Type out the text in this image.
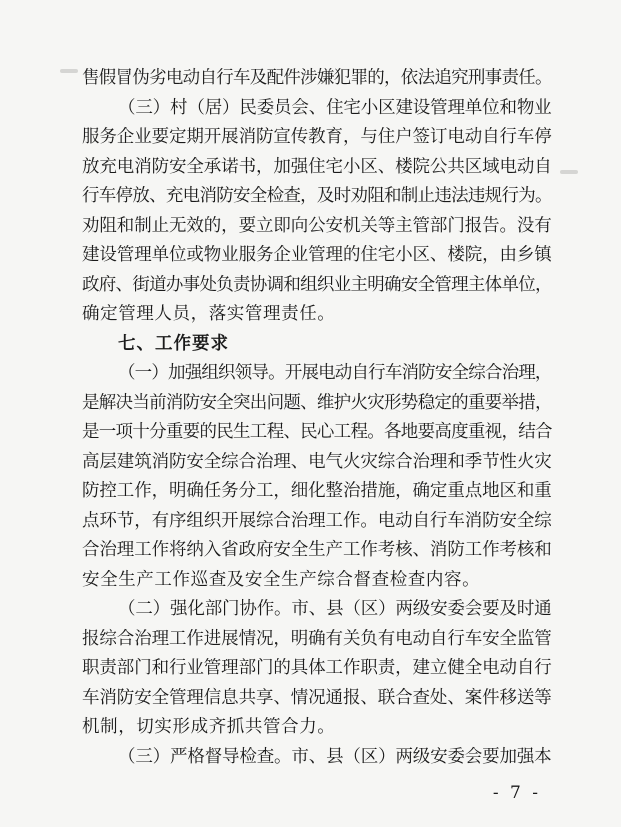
售假冒伪劣电动自行车及配件涉嫌犯罪的，依法追究刑事责任。
（三）村（居）民委员会、住宅小区建设管理单位和物业
服务企业要定期开展消防宣传教育，与住户签订电动自行车停
放充电消防安全承诺书，加强住宅小区、楼院公共区域电动自
行车停放、充电消防安全检查，及时劝阻和制止违法违规行为。
劝阻和制止无效的，要立即向公安机关等主管部门报告。没有
建设管理单位或物业服务企业管理的住宅小区、楼院，由乡镇
政府、街道办事处负责协调和组织业主明确安全管理主体单位，
确定管理人员，落实管理责任。
七、工作要求
（一）加强组织领导。开展电动自行车消防安全综合治理，
是解决当前消防安全突出问题、维护火灾形势稳定的重要举措，
是一项十分重要的民生工程、民心工程。各地要高度重视，结合
高层建筑消防安全综合治理、电气火灾综合治理和季节性火灾
防控工作，明确任务分工，细化整治措施，确定重点地区和重
点环节，有序组织开展综合治理工作。电动自行车消防安全综
合治理工作将纳入省政府安全生产工作考核、消防工作考核和
安全生产工作巡查及安全生产综合督查检查内容。
（二）强化部门协作。市、县（区）两级安委会要及时通
报综合治理工作进展情况，明确有关负有电动自行车安全监管
职责部门和行业管理部门的具体工作职责，建立健全电动自行
车消防安全管理信息共享、情况通报、联合查处、案件移送等
机制，切实形成齐抓共管合力。
（三）严格督导检查。市、县（区）两级安委会要加强本
- 7 -
